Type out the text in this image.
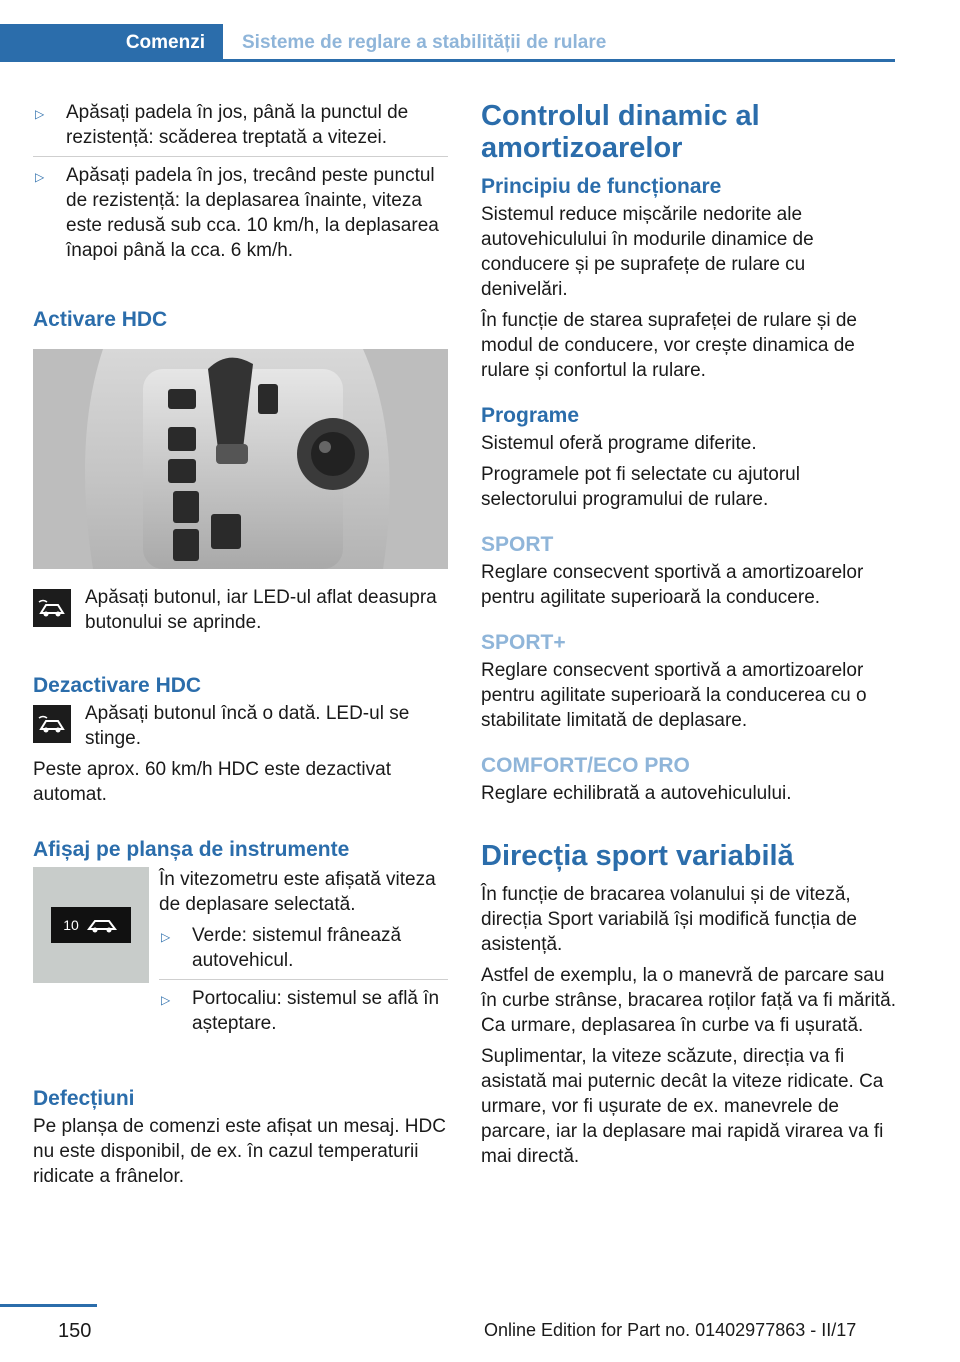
Comenzi Sisteme de reglare a stabilității de rulare
▷	Apăsați padela în jos, până la punctul de rezistență: scăderea treptată a vitezei.
▷	Apăsați padela în jos, trecând peste punctul de rezistență: la deplasarea înainte, viteza este redusă sub cca. 10 km/h, la deplasarea înapoi până la cca. 6 km/h.
Activare HDC
Apăsați butonul, iar LED-ul aflat deasupra butonului se aprinde.
Dezactivare HDC
Apăsați butonul încă o dată. LED-ul se stinge.
Peste aprox. 60 km/h HDC este dezactivat automat.
Afișaj pe planșa de instrumente
10
În vitezometru este afișată viteza de deplasare selectată.
▷	Verde: sistemul frânează autovehicul.
▷	Portocaliu: sistemul se află în așteptare.
Defecțiuni
Pe planșa de comenzi este afișat un mesaj. HDC nu este disponibil, de ex. în cazul temperaturii ridicate a frânelor.
Controlul dinamic al amortizoarelor
Principiu de funcționare
Sistemul reduce mișcările nedorite ale autovehiculului în modurile dinamice de conducere și pe suprafețe de rulare cu denivelări.
În funcție de starea suprafeței de rulare și de modul de conducere, vor crește dinamica de rulare și confortul la rulare.
Programe
Sistemul oferă programe diferite.
Programele pot fi selectate cu ajutorul selectorului programului de rulare.
SPORT
Reglare consecvent sportivă a amortizoarelor pentru agilitate superioară la conducere.
SPORT+
Reglare consecvent sportivă a amortizoarelor pentru agilitate superioară la conducerea cu o stabilitate limitată de deplasare.
COMFORT/ECO PRO
Reglare echilibrată a autovehiculului.
Direcția sport variabilă
În funcție de bracarea volanului și de viteză, direcția Sport variabilă își modifică funcția de asistență.
Astfel de exemplu, la o manevră de parcare sau în curbe strânse, bracarea roților față va fi mărită. Ca urmare, deplasarea în curbe va fi ușurată.
Suplimentar, la viteze scăzute, direcția va fi asistată mai puternic decât la viteze ridicate. Ca urmare, vor fi ușurate de ex. manevrele de parcare, iar la deplasare mai rapidă virarea va fi mai directă.
150	Online Edition for Part no. 01402977863 - II/17
